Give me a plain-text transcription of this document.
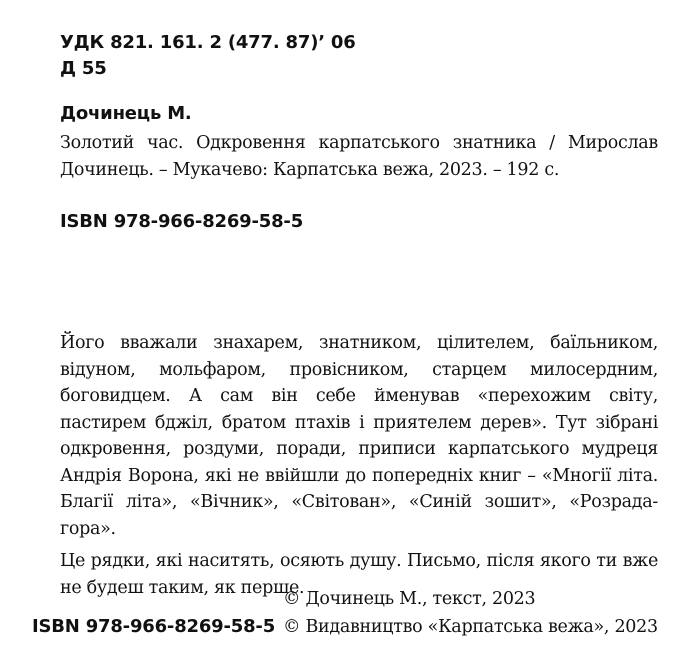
УДК 821. 161. 2 (477. 87)’ 06
Д 55
Дочинець М.
Золотий час. Одкровення карпатського знатника / Мирослав Дочинець. – Мукачево: Карпатська вежа, 2023. – 192 с.
ISBN 978-966-8269-58-5

Його вважали знахарем, знатником, цілителем, баїльником, відуном, мольфаром, провісником, старцем милосердним, боговидцем. А сам він себе йменував «перехожим світу, пастирем бджіл, братом птахів і приятелем дерев». Тут зібрані одкровення, роздуми, поради, приписи карпатського мудреця Андрія Ворона, які не ввійшли до попередніх книг – «Многії літа. Благії літа», «Вічник», «Світован», «Синій зошит», «Розрада-гора».

Це рядки, які наситять, осяють душу. Письмо, після якого ти вже не будеш таким, як перше.

© Дочинець М., текст, 2023
© Видавництво «Карпатська вежа», 2023
ISBN 978-966-8269-58-5
